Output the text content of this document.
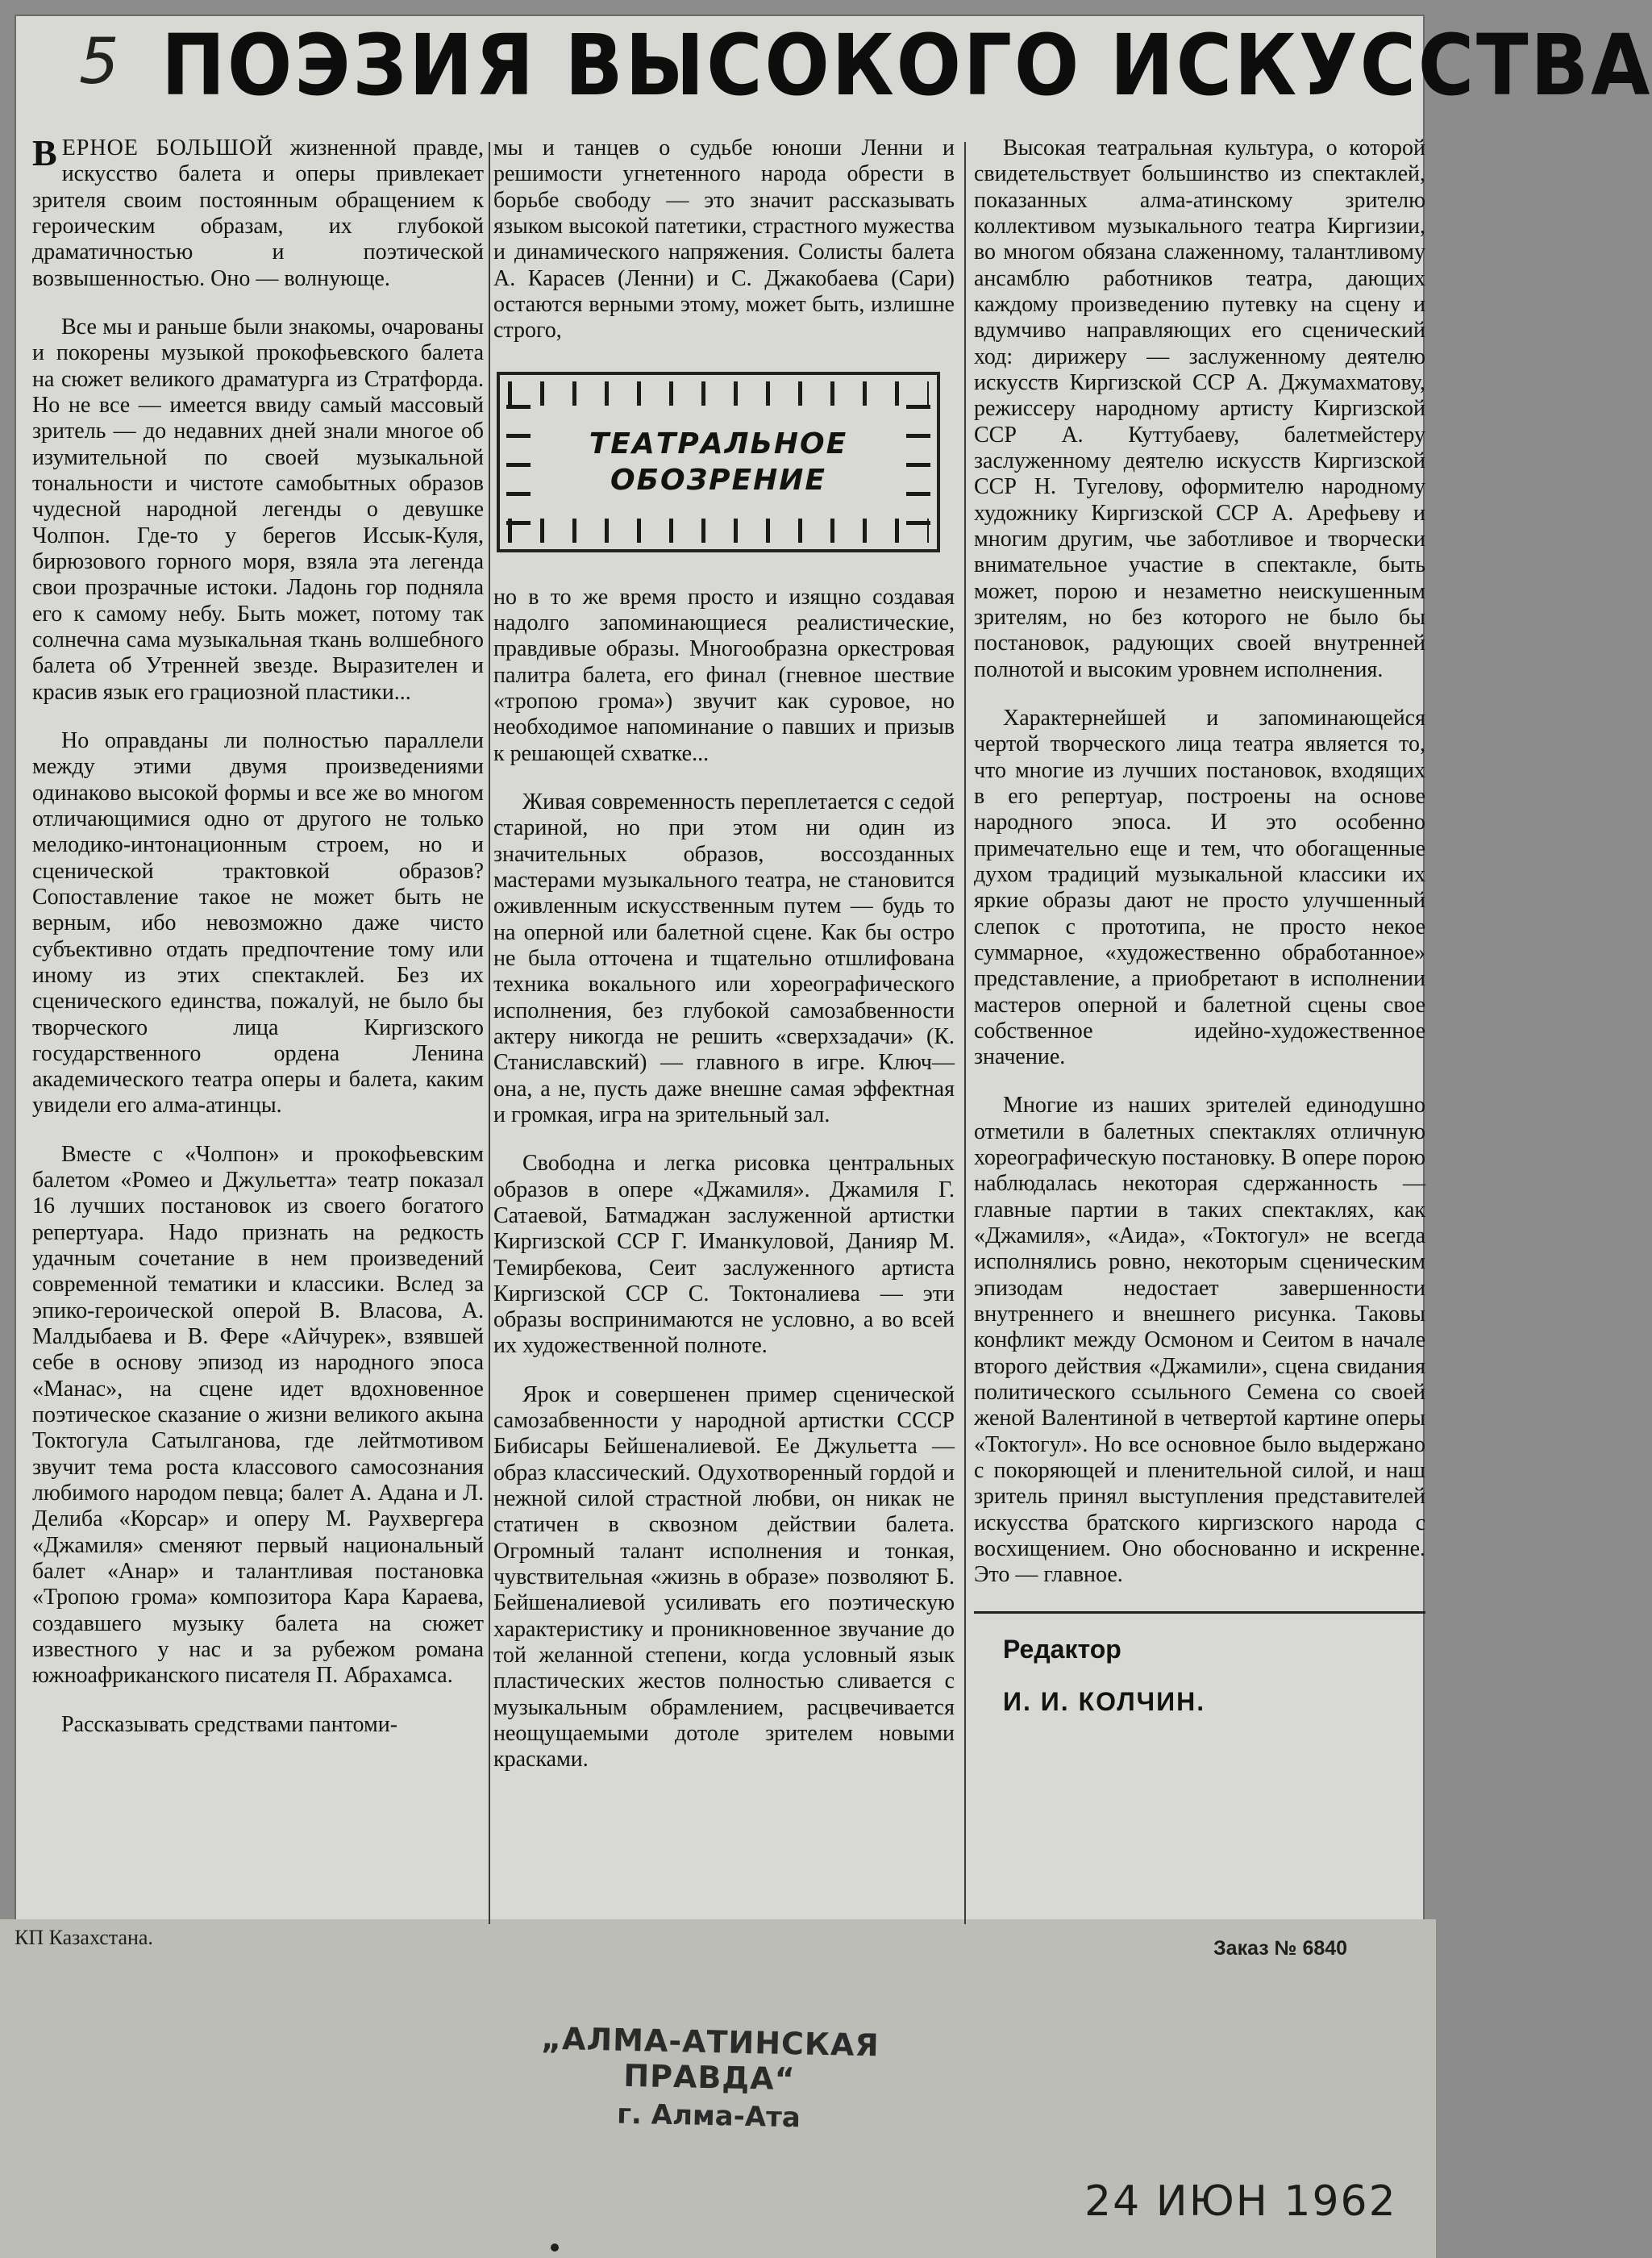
5 ПОЭЗИЯ ВЫСОКОГО ИСКУССТВА

ВЕРНОЕ БОЛЬШОЙ жизненной правде, искусство балета и оперы привлекает зрителя своим постоянным обращением к героическим образам, их глубокой драматичностью и поэтической возвышенностью. Оно — волнующе.

Все мы и раньше были знакомы, очарованы и покорены музыкой прокофьевского балета на сюжет великого драматурга из Стратфорда. Но не все — имеется ввиду самый массовый зритель — до недавних дней знали многое об изумительной по своей музыкальной тональности и чистоте самобытных образов чудесной народной легенды о девушке Чолпон. Где-то у берегов Иссык-Куля, бирюзового горного моря, взяла эта легенда свои прозрачные истоки. Ладонь гор подняла его к самому небу. Быть может, потому так солнечна сама музыкальная ткань волшебного балета об Утренней звезде. Выразителен и красив язык его грациозной пластики...

Но оправданы ли полностью параллели между этими двумя произведениями одинаково высокой формы и все же во многом отличающимися одно от другого не только мелодико-интонационным строем, но и сценической трактовкой образов? Сопоставление такое не может быть не верным, ибо невозможно даже чисто субъективно отдать предпочтение тому или иному из этих спектаклей. Без их сценического единства, пожалуй, не было бы творческого лица Киргизского государственного ордена Ленина академического театра оперы и балета, каким увидели его алма-атинцы.

Вместе с «Чолпон» и прокофьевским балетом «Ромео и Джульетта» театр показал 16 лучших постановок из своего богатого репертуара. Надо признать на редкость удачным сочетание в нем произведений современной тематики и классики. Вслед за эпико-героической оперой В. Власова, А. Малдыбаева и В. Фере «Айчурек», взявшей себе в основу эпизод из народного эпоса «Манас», на сцене идет вдохновенное поэтическое сказание о жизни великого акына Токтогула Сатылганова, где лейтмотивом звучит тема роста классового самосознания любимого народом певца; балет А. Адана и Л. Делиба «Корсар» и оперу М. Раухвергера «Джамиля» сменяют первый национальный балет «Анар» и талантливая постановка «Тропою грома» композитора Кара Караева, создавшего музыку балета на сюжет известного у нас и за рубежом романа южноафриканского писателя П. Абрахамса.

Рассказывать средствами пантоми-

мы и танцев о судьбе юноши Ленни и решимости угнетенного народа обрести в борьбе свободу — это значит рассказывать языком высокой патетики, страстного мужества и динамического напряжения. Солисты балета А. Карасев (Ленни) и С. Джакобаева (Сари) остаются верными этому, может быть, излишне строго,

ТЕАТРАЛЬНОЕ
ОБОЗРЕНИЕ

но в то же время просто и изящно создавая надолго запоминающиеся реалистические, правдивые образы. Многообразна оркестровая палитра балета, его финал (гневное шествие «тропою грома») звучит как суровое, но необходимое напоминание о павших и призыв к решающей схватке...

Живая современность переплетается с седой стариной, но при этом ни один из значительных образов, воссозданных мастерами музыкального театра, не становится оживленным искусственным путем — будь то на оперной или балетной сцене. Как бы остро не была отточена и тщательно отшлифована техника вокального или хореографического исполнения, без глубокой самозабвенности актеру никогда не решить «сверхзадачи» (К. Станиславский) — главного в игре. Ключ—она, а не, пусть даже внешне самая эффектная и громкая, игра на зрительный зал.

Свободна и легка рисовка центральных образов в опере «Джамиля». Джамиля Г. Сатаевой, Батмаджан заслуженной артистки Киргизской ССР Г. Иманкуловой, Данияр М. Темирбекова, Сеит заслуженного артиста Киргизской ССР С. Токтоналиева — эти образы воспринимаются не условно, а во всей их художественной полноте.

Ярок и совершенен пример сценической самозабвенности у народной артистки СССР Бибисары Бейшеналиевой. Ее Джульетта — образ классический. Одухотворенный гордой и нежной силой страстной любви, он никак не статичен в сквозном действии балета. Огромный талант исполнения и тонкая, чувствительная «жизнь в образе» позволяют Б. Бейшеналиевой усиливать его поэтическую характеристику и проникновенное звучание до той желанной степени, когда условный язык пластических жестов полностью сливается с музыкальным обрамлением, расцвечивается неощущаемыми дотоле зрителем новыми красками.

Высокая театральная культура, о которой свидетельствует большинство из спектаклей, показанных алма-атинскому зрителю коллективом музыкального театра Киргизии, во многом обязана слаженному, талантливому ансамблю работников театра, дающих каждому произведению путевку на сцену и вдумчиво направляющих его сценический ход: дирижеру — заслуженному деятелю искусств Киргизской ССР А. Джумахматову, режиссеру народному артисту Киргизской ССР А. Куттубаеву, балетмейстеру заслуженному деятелю искусств Киргизской ССР Н. Тугелову, оформителю народному художнику Киргизской ССР А. Арефьеву и многим другим, чье заботливое и творчески внимательное участие в спектакле, быть может, порою и незаметно неискушенным зрителям, но без которого не было бы постановок, радующих своей внутренней полнотой и высоким уровнем исполнения.

Характернейшей и запоминающейся чертой творческого лица театра является то, что многие из лучших постановок, входящих в его репертуар, построены на основе народного эпоса. И это особенно примечательно еще и тем, что обогащенные духом традиций музыкальной классики их яркие образы дают не просто улучшенный слепок с прототипа, не просто некое суммарное, «художественно обработанное» представление, а приобретают в исполнении мастеров оперной и балетной сцены свое собственное идейно-художественное значение.

Многие из наших зрителей единодушно отметили в балетных спектаклях отличную хореографическую постановку. В опере порою наблюдалась некоторая сдержанность — главные партии в таких спектаклях, как «Джамиля», «Аида», «Токтогул» не всегда исполнялись ровно, некоторым сценическим эпизодам недостает завершенности внутреннего и внешнего рисунка. Таковы конфликт между Осмоном и Сеитом в начале второго действия «Джамили», сцена свидания политического ссыльного Семена со своей женой Валентиной в четвертой картине оперы «Токтогул». Но все основное было выдержано с покоряющей и пленительной силой, и наш зритель принял выступления представителей искусства братского киргизского народа с восхищением. Оно обоснованно и искренне. Это — главное.

Редактор

И. И. КОЛЧИН.

КП Казахстана.	Заказ № 6840
„АЛМА-АТИНСКАЯ ПРАВДА“
г. Алма-Ата
24 ИЮН 1962
